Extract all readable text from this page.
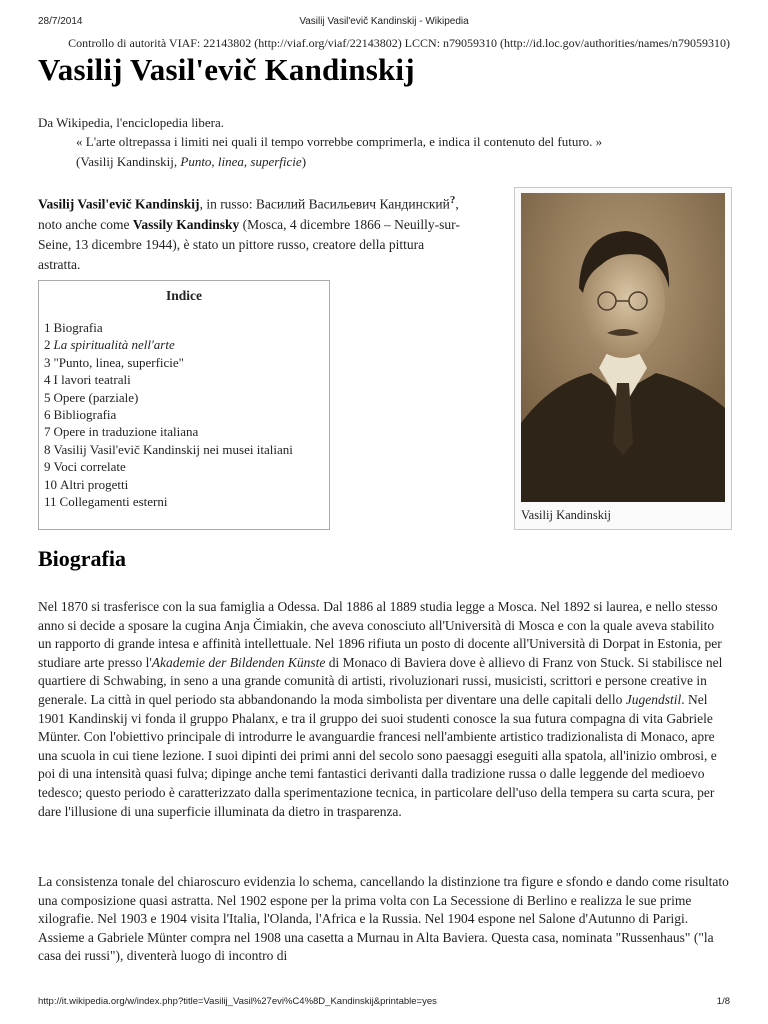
28/7/2014	Vasilij Vasil'evič Kandinskij - Wikipedia
Controllo di autorità VIAF: 22143802 (http://viaf.org/viaf/22143802) LCCN: n79059310 (http://id.loc.gov/authorities/names/n79059310)
Vasilij Vasil'evič Kandinskij
Da Wikipedia, l'enciclopedia libera.
« L'arte oltrepassa i limiti nei quali il tempo vorrebbe comprimerla, e indica il contenuto del futuro. »
(Vasilij Kandinskij, Punto, linea, superficie)

Vasilij Vasil'evič Kandinskij, in russo: Василий Васильевич Кандинский?, noto anche come Vassily Kandinsky (Mosca, 4 dicembre 1866 – Neuilly-sur-Seine, 13 dicembre 1944), è stato un pittore russo, creatore della pittura astratta.

Indice
1 Biografia
2 La spiritualità nell'arte
3 "Punto, linea, superficie"
4 I lavori teatrali
5 Opere (parziale)
6 Bibliografia
7 Opere in traduzione italiana
8 Vasilij Vasil'evič Kandinskij nei musei italiani
9 Voci correlate
10 Altri progetti
11 Collegamenti esterni
Vasilij Kandinskij
Biografia

Nel 1870 si trasferisce con la sua famiglia a Odessa. Dal 1886 al 1889 studia legge a Mosca. Nel 1892 si laurea, e nello stesso anno si decide a sposare la cugina Anja Čimiakin, che aveva conosciuto all'Università di Mosca e con la quale aveva stabilito un rapporto di grande intesa e affinità intellettuale. Nel 1896 rifiuta un posto di docente all'Università di Dorpat in Estonia, per studiare arte presso l'Akademie der Bildenden Künste di Monaco di Baviera dove è allievo di Franz von Stuck. Si stabilisce nel quartiere di Schwabing, in seno a una grande comunità di artisti, rivoluzionari russi, musicisti, scrittori e persone creative in generale. La città in quel periodo sta abbandonando la moda simbolista per diventare una delle capitali dello Jugendstil. Nel 1901 Kandinskij vi fonda il gruppo Phalanx, e tra il gruppo dei suoi studenti conosce la sua futura compagna di vita Gabriele Münter. Con l'obiettivo principale di introdurre le avanguardie francesi nell'ambiente artistico tradizionalista di Monaco, apre una scuola in cui tiene lezione. I suoi dipinti dei primi anni del secolo sono paesaggi eseguiti alla spatola, all'inizio ombrosi, e poi di una intensità quasi fulva; dipinge anche temi fantastici derivanti dalla tradizione russa o dalle leggende del medioevo tedesco; questo periodo è caratterizzato dalla sperimentazione tecnica, in particolare dell'uso della tempera su carta scura, per dare l'illusione di una superficie illuminata da dietro in trasparenza.

La consistenza tonale del chiaroscuro evidenzia lo schema, cancellando la distinzione tra figure e sfondo e dando come risultato una composizione quasi astratta. Nel 1902 espone per la prima volta con La Secessione di Berlino e realizza le sue prime xilografie. Nel 1903 e 1904 visita l'Italia, l'Olanda, l'Africa e la Russia. Nel 1904 espone nel Salone d'Autunno di Parigi. Assieme a Gabriele Münter compra nel 1908 una casetta a Murnau in Alta Baviera. Questa casa, nominata "Russenhaus" ("la casa dei russi"), diventerà luogo di incontro di

http://it.wikipedia.org/w/index.php?title=Vasilij_Vasil%27evi%C4%8D_Kandinskij&printable=yes	1/8
